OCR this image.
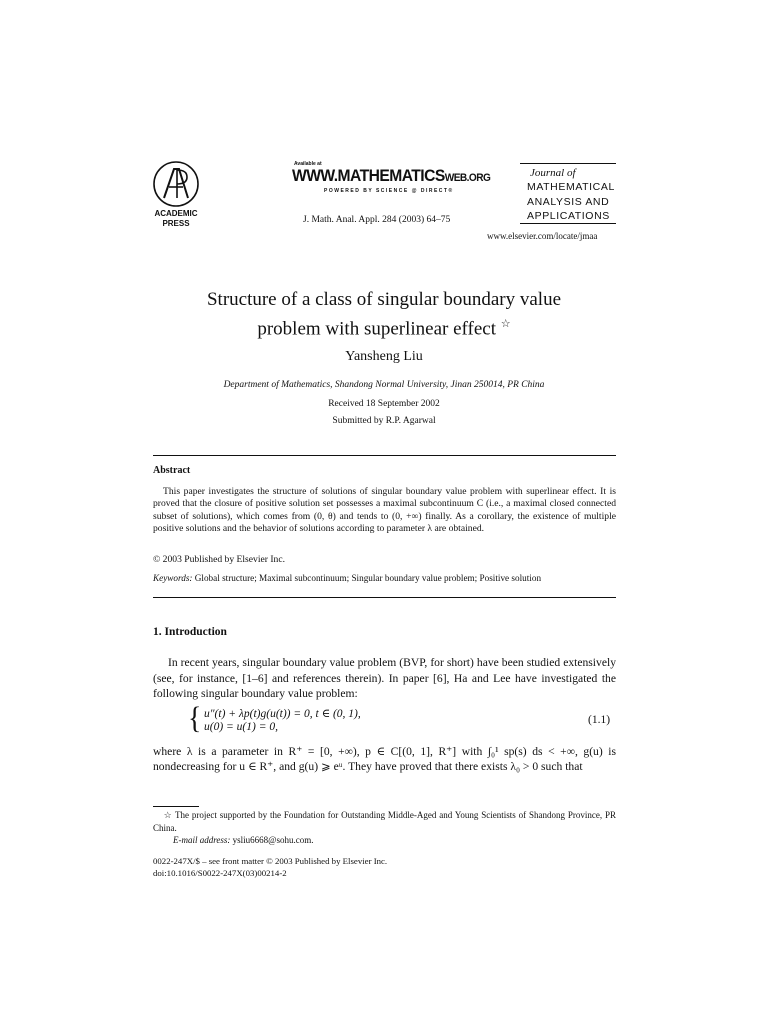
ACADEMIC
PRESS
Available at
WWW.MATHEMATICSWEB.ORG
POWERED BY SCIENCE @ DIRECT®
J. Math. Anal. Appl. 284 (2003) 64–75
Journal of
MATHEMATICAL
ANALYSIS AND
APPLICATIONS
www.elsevier.com/locate/jmaa
Structure of a class of singular boundary value
problem with superlinear effect ☆
Yansheng Liu
Department of Mathematics, Shandong Normal University, Jinan 250014, PR China
Received 18 September 2002
Submitted by R.P. Agarwal
Abstract
This paper investigates the structure of solutions of singular boundary value problem with superlinear effect. It is proved that the closure of positive solution set possesses a maximal subcontinuum C (i.e., a maximal closed connected subset of solutions), which comes from (0, θ) and tends to (0, +∞) finally. As a corollary, the existence of multiple positive solutions and the behavior of solutions according to parameter λ are obtained.
© 2003 Published by Elsevier Inc.
Keywords: Global structure; Maximal subcontinuum; Singular boundary value problem; Positive solution
1. Introduction
In recent years, singular boundary value problem (BVP, for short) have been studied extensively (see, for instance, [1–6] and references therein). In paper [6], Ha and Lee have investigated the following singular boundary value problem:
{ u″(t) + λp(t)g(u(t)) = 0, t ∈ (0, 1),
u(0) = u(1) = 0,
(1.1)
where λ is a parameter in R⁺ = [0, +∞), p ∈ C[(0, 1], R⁺] with ∫₀¹ sp(s) ds < +∞, g(u) is nondecreasing for u ∈ R⁺, and g(u) ⩾ eᵘ. They have proved that there exists λ₀ > 0 such that
☆ The project supported by the Foundation for Outstanding Middle-Aged and Young Scientists of Shandong Province, PR China.
E-mail address: ysliu6668@sohu.com.
0022-247X/$ – see front matter © 2003 Published by Elsevier Inc.
doi:10.1016/S0022-247X(03)00214-2
